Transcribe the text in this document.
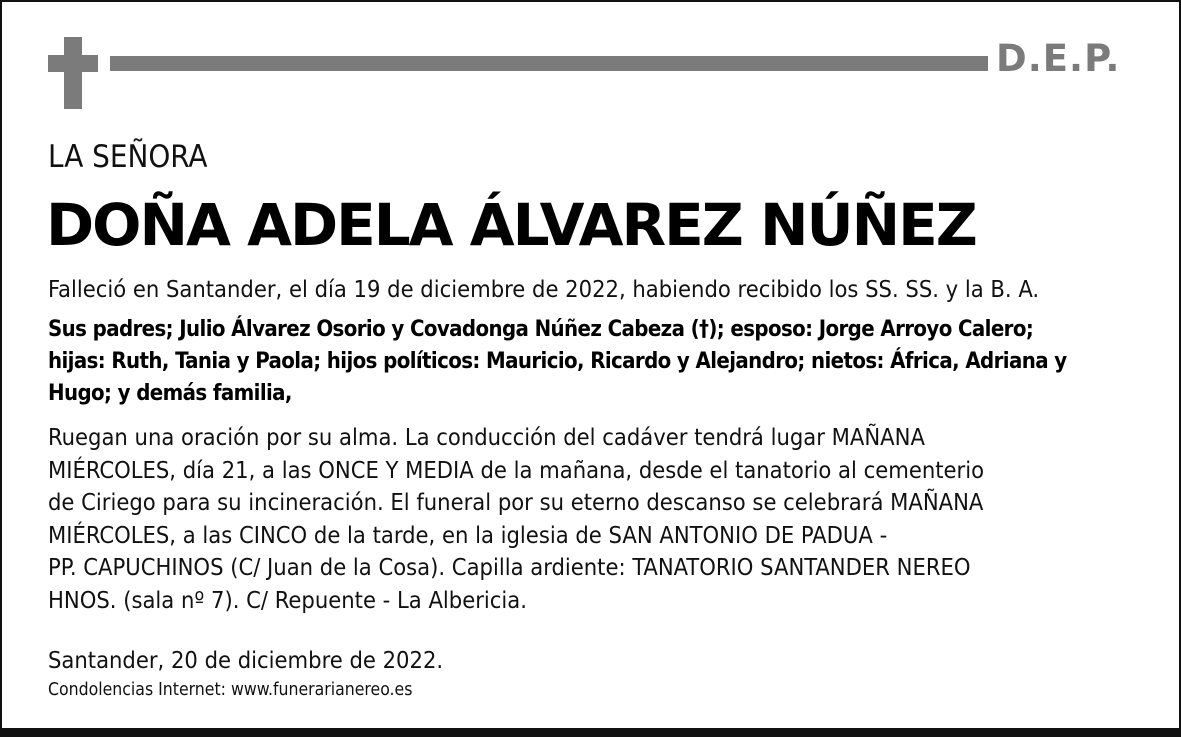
D.E.P.
LA SEÑORA
DOÑA ADELA ÁLVAREZ NÚÑEZ
Falleció en Santander, el día 19 de diciembre de 2022, habiendo recibido los SS. SS. y la B. A.
Sus padres; Julio Álvarez Osorio y Covadonga Núñez Cabeza (†); esposo: Jorge Arroyo Calero;
hijas: Ruth, Tania y Paola; hijos políticos: Mauricio, Ricardo y Alejandro; nietos: África, Adriana y
Hugo; y demás familia,
Ruegan una oración por su alma. La conducción del cadáver tendrá lugar MAÑANA
MIÉRCOLES, día 21, a las ONCE Y MEDIA de la mañana, desde el tanatorio al cementerio
de Ciriego para su incineración. El funeral por su eterno descanso se celebrará MAÑANA
MIÉRCOLES, a las CINCO de la tarde, en la iglesia de SAN ANTONIO DE PADUA -
PP. CAPUCHINOS (C/ Juan de la Cosa). Capilla ardiente: TANATORIO SANTANDER NEREO
HNOS. (sala nº 7). C/ Repuente - La Albericia.
Santander, 20 de diciembre de 2022.
Condolencias Internet: www.funerarianereo.es
